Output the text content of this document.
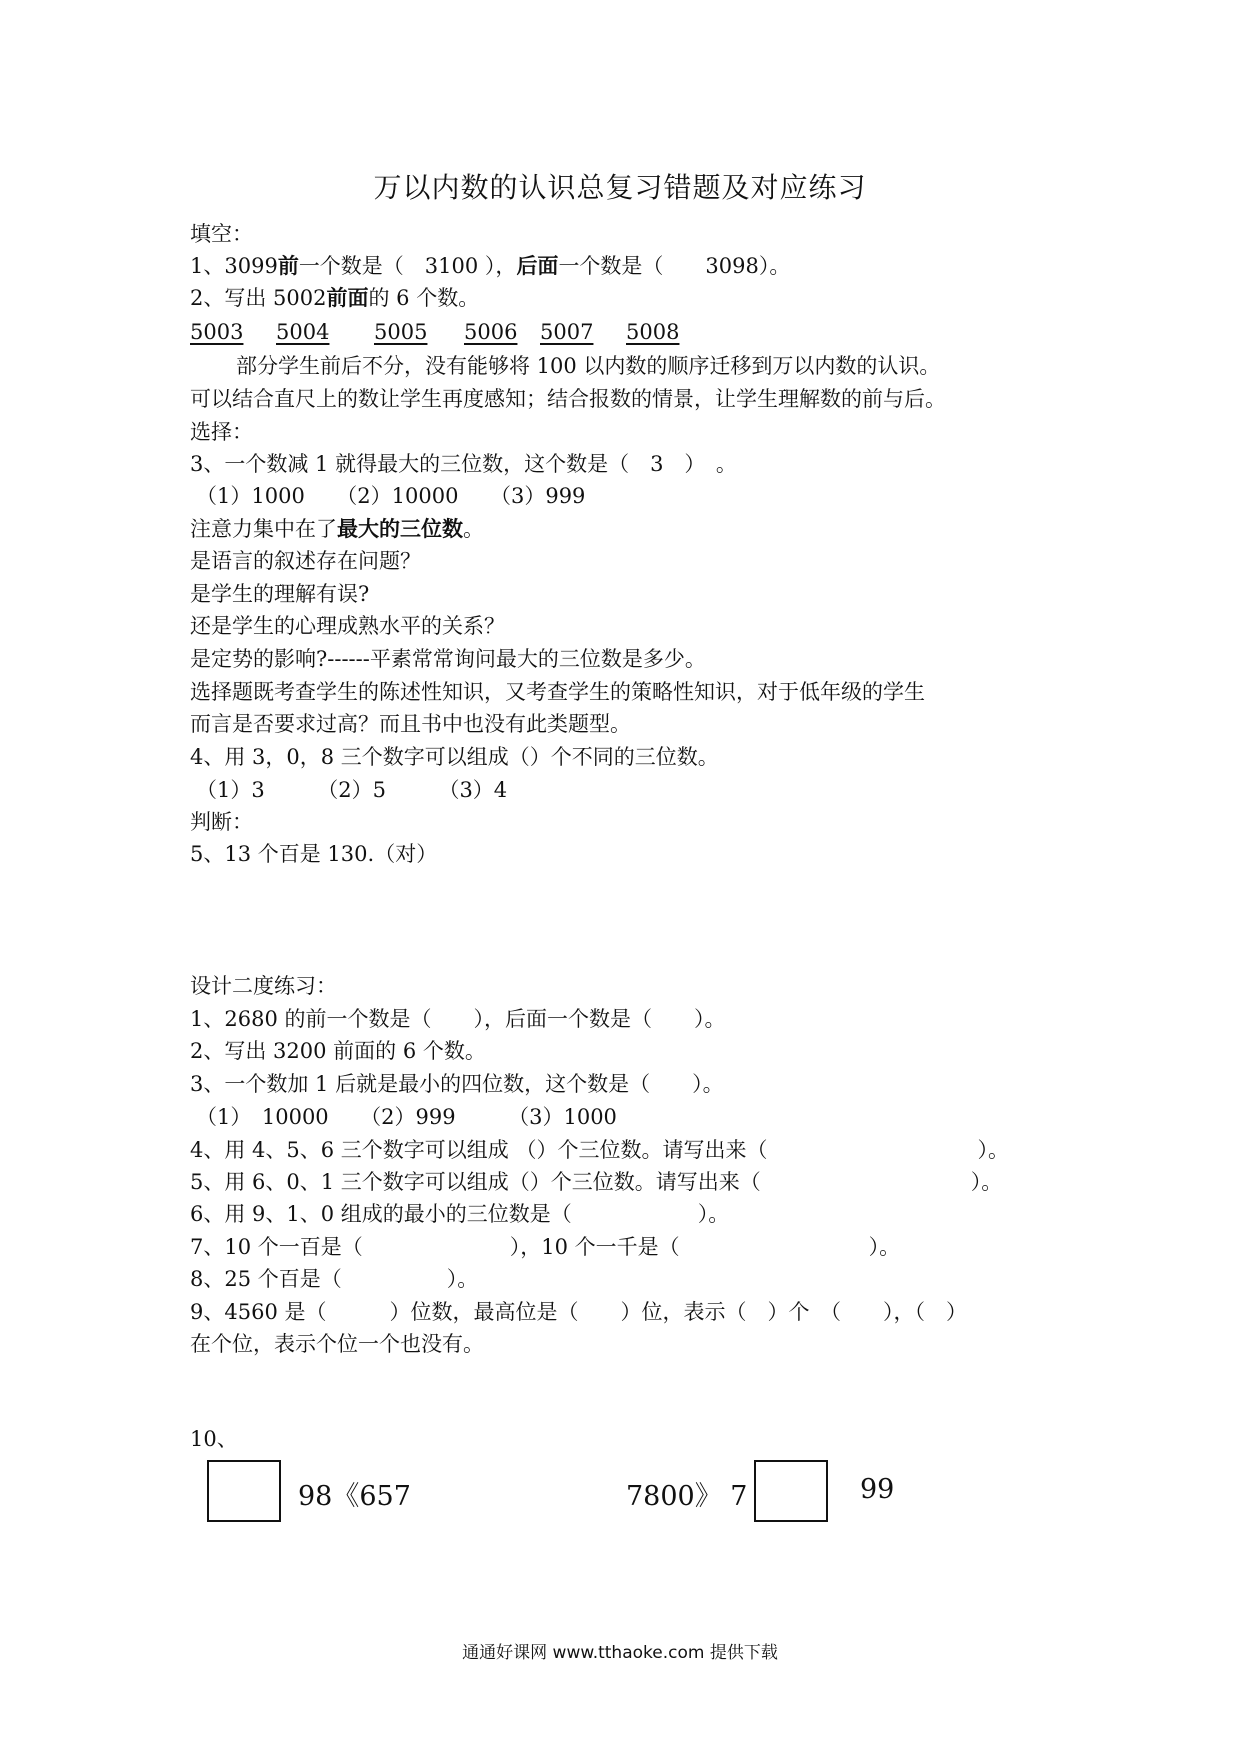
万以内数的认识总复习错题及对应练习
填空：
1、3099前一个数是（　3100 ），后面一个数是（　　3098）。
2、写出 5002前面的 6 个数。
5003	5004	5005	5006 5007	5008
部分学生前后不分，没有能够将 100 以内数的顺序迁移到万以内数的认识。
可以结合直尺上的数让学生再度感知；结合报数的情景，让学生理解数的前与后。
选择：
3、一个数减 1 就得最大的三位数，这个数是（　3　）　。
（1）1000　　（2）10000　　（3）999
注意力集中在了最大的三位数。
是语言的叙述存在问题？
是学生的理解有误?
还是学生的心理成熟水平的关系？
是定势的影响?------平素常常询问最大的三位数是多少。
选择题既考查学生的陈述性知识，又考查学生的策略性知识，对于低年级的学生
而言是否要求过高？而且书中也没有此类题型。
4、用 3，0，8 三个数字可以组成（）个不同的三位数。
（1）3　　　（2）5　　　（3）4
判断：
5、13 个百是 130.（对）
设计二度练习：
1、2680 的前一个数是（　　），后面一个数是（　　）。
2、写出 3200 前面的 6 个数。
3、一个数加 1 后就是最小的四位数，这个数是（　　）。
（1）　10000　　（2）999　　　（3）1000
4、用 4、5、6 三个数字可以组成 （）个三位数。请写出来（　　　　　　　　　　）。
5、用 6、0、1 三个数字可以组成（）个三位数。请写出来（　　　　　　　　　　）。
6、用 9、1、0 组成的最小的三位数是（　　　　　　）。
7、10 个一百是（　　　　　　　），10 个一千是（　　　　　　　　　）。
8、25 个百是（　　　　　）。
9、4560 是（　　　）位数，最高位是（　　）位，表示（　）个　（　　），（　）
在个位，表示个位一个也没有。
10、
98《657	7800》 7	99
通通好课网 www.tthaoke.com 提供下载
